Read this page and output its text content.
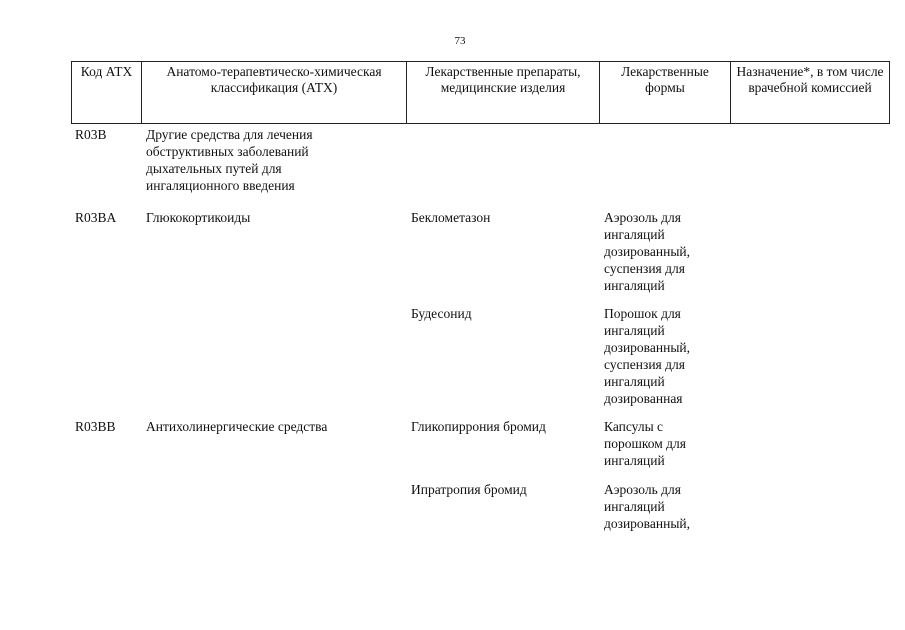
73
Код АТХ	Анатомо-терапевтическо-химическая классификация (АТХ)	Лекарственные препараты, медицинские изделия	Лекарственные формы	Назначение*, в том числе врачебной комиссией
R03B	Другие средства для лечения обструктивных заболеваний дыхательных путей для ингаляционного введения			
R03BA	Глюкокортикоиды	Беклометазон	Аэрозоль для ингаляций дозированный, суспензия для ингаляций	
		Будесонид	Порошок для ингаляций дозированный, суспензия для ингаляций дозированная	
R03BB	Антихолинергические средства	Гликопиррония бромид	Капсулы с порошком для ингаляций	
		Ипратропия бромид	Аэрозоль для ингаляций дозированный,	
